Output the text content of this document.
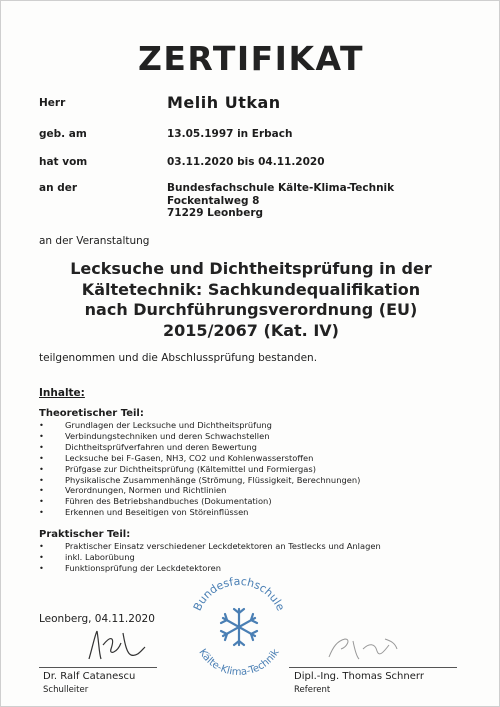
ZERTIFIKAT
Herr	Melih Utkan
geb. am	13.05.1997 in Erbach
hat vom	03.11.2020 bis 04.11.2020
an der	Bundesfachschule Kälte-Klima-Technik
Fockentalweg 8
71229 Leonberg
an der Veranstaltung
Lecksuche und Dichtheitsprüfung in der
Kältetechnik: Sachkundequalifikation
nach Durchführungsverordnung (EU)
2015/2067 (Kat. IV)
teilgenommen und die Abschlussprüfung bestanden.
Inhalte:
Theoretischer Teil:
• Grundlagen der Lecksuche und Dichtheitsprüfung
• Verbindungstechniken und deren Schwachstellen
• Dichtheitsprüfverfahren und deren Bewertung
• Lecksuche bei F-Gasen, NH3, CO2 und Kohlenwasserstoffen
• Prüfgase zur Dichtheitsprüfung (Kältemittel und Formiergas)
• Physikalische Zusammenhänge (Strömung, Flüssigkeit, Berechnungen)
• Verordnungen, Normen und Richtlinien
• Führen des Betriebshandbuches (Dokumentation)
• Erkennen und Beseitigen von Störeinflüssen
Praktischer Teil:
• Praktischer Einsatz verschiedener Leckdetektoren an Testlecks und Anlagen
• inkl. Laborübung
• Funktionsprüfung der Leckdetektoren
Leonberg, 04.11.2020
Dr. Ralf Catanescu
Schulleiter
Bundesfachschule
Kälte-Klima-Technik
Dipl.-Ing. Thomas Schnerr
Referent
